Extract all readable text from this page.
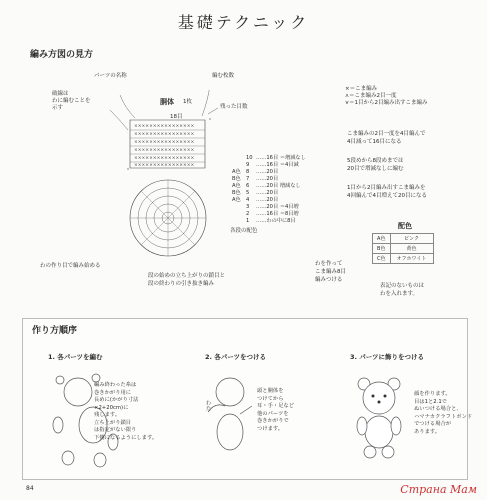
基礎テクニック
編み方図の見方
パーツの名称	編む枚数
破線は
わに編むことを
示す
胴体 1枚
残った目数
18目
××××××××××××××××
××××××××××××××××
××××××××××××××××
××××××××××××××××
××××××××××××××××
××××××××××××××××
10 ……16目 ＝増減なし
9 ……16目 ＝4目減
A色 8 ……20目
B色 7 ……20目
A色 6 ……20目 増減なし
B色 5 ……20目
A色 4 ……20目
3 ……20目 ＝4目増
2 ……16目 ＝8目増
1 ……わの中に8目
×＝こま編み
⋏＝こま編み2目一度
⋎＝1目から2目編み出すこま編み
こま編みの2目一度を4目編んで
4目減って16目になる
5段めから8段めまでは
20目で増減なしに編む
1目から2目編み出すこま編みを
4回編んで4目増えて20目になる
配色
A色	ピンク
B色	黄色
C色	オフホワイト
表記のないものは
わを入れます。
わの作り目で編み始める
各段の配色
段の始めの立ち上がりの鎖目と
段の終わりの引き抜き編み
わを作って
こま編み8目
編みつける
作り方順序
1. 各パーツを編む	2. 各パーツをつける	3. パーツに飾りをつける
編み終わった糸は
巻きかがり用に
長めに(かがり寸法
×2+20cm)に
残します。
立ち上がり鎖目
は指定がない限り
下側になるようにします。
わた
頭と胴体を
つけてから
耳・手・足など
他のパーツを
巻きかがりで
つけます。
顔を作ります。
目は1と2.1で
ぬいつける場合と、
ハマナカクラフトボンド
でつける場合が
あります。
84	Страна Мам
